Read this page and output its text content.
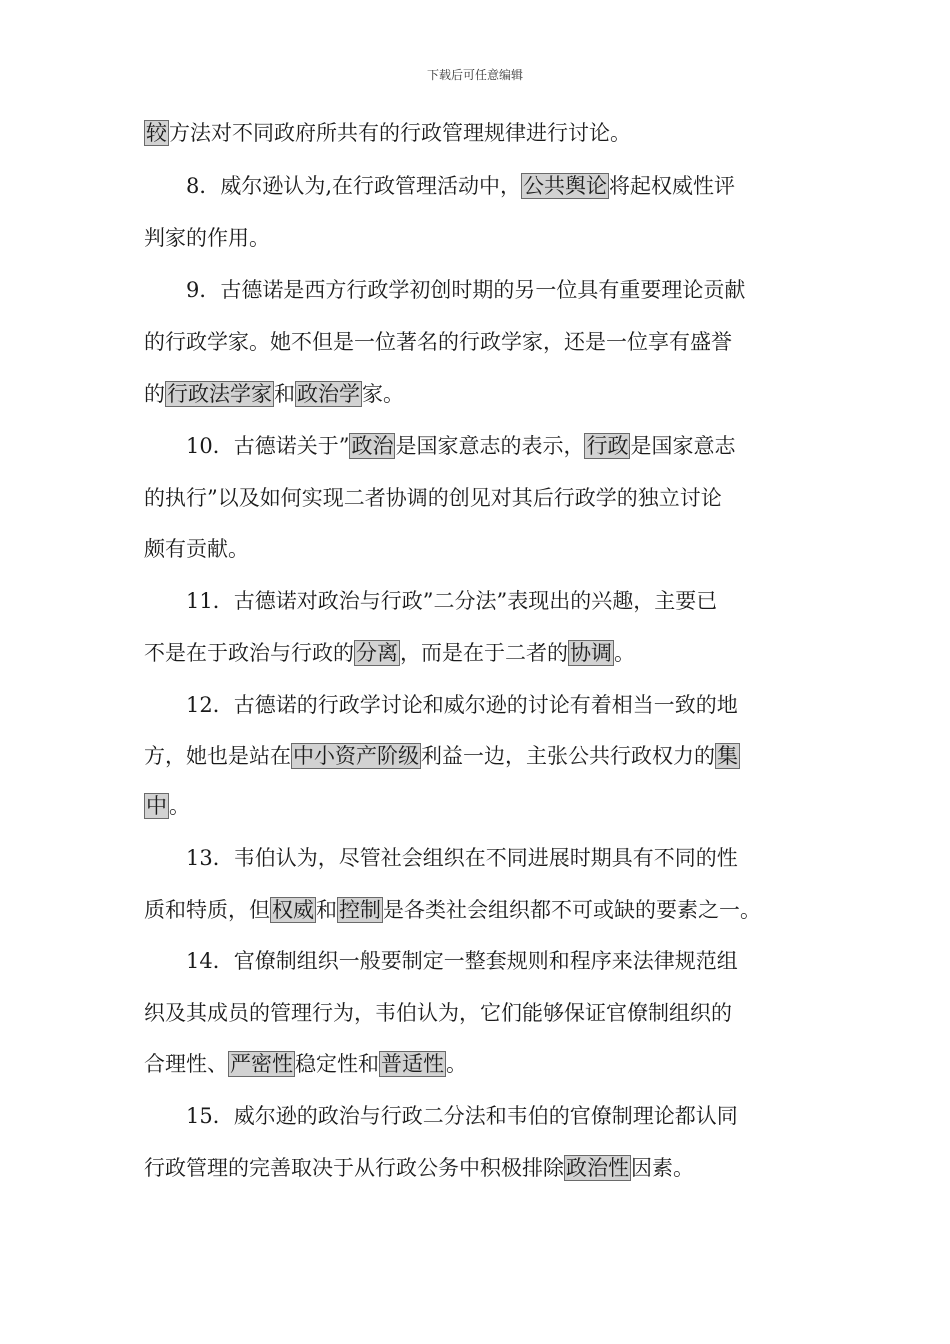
下载后可任意编辑
较方法对不同政府所共有的行政管理规律进行讨论。
　　8．威尔逊认为,在行政管理活动中，公共舆论将起权威性评
判家的作用。
　　9．古德诺是西方行政学初创时期的另一位具有重要理论贡献
的行政学家。她不但是一位著名的行政学家，还是一位享有盛誉
的行政法学家和政治学家。
　　10．古德诺关于”政治是国家意志的表示，行政是国家意志
的执行”以及如何实现二者协调的创见对其后行政学的独立讨论
颇有贡献。
　　11．古德诺对政治与行政”二分法”表现出的兴趣，主要已
不是在于政治与行政的分离，而是在于二者的协调。
　　12．古德诺的行政学讨论和威尔逊的讨论有着相当一致的地
方，她也是站在中小资产阶级利益一边，主张公共行政权力的集
中。
　　13．韦伯认为，尽管社会组织在不同进展时期具有不同的性
质和特质，但权威和控制是各类社会组织都不可或缺的要素之一。
　　14．官僚制组织一般要制定一整套规则和程序来法律规范组
织及其成员的管理行为，韦伯认为，它们能够保证官僚制组织的
合理性、严密性稳定性和普适性。
　　15．威尔逊的政治与行政二分法和韦伯的官僚制理论都认同
行政管理的完善取决于从行政公务中积极排除政治性因素。
